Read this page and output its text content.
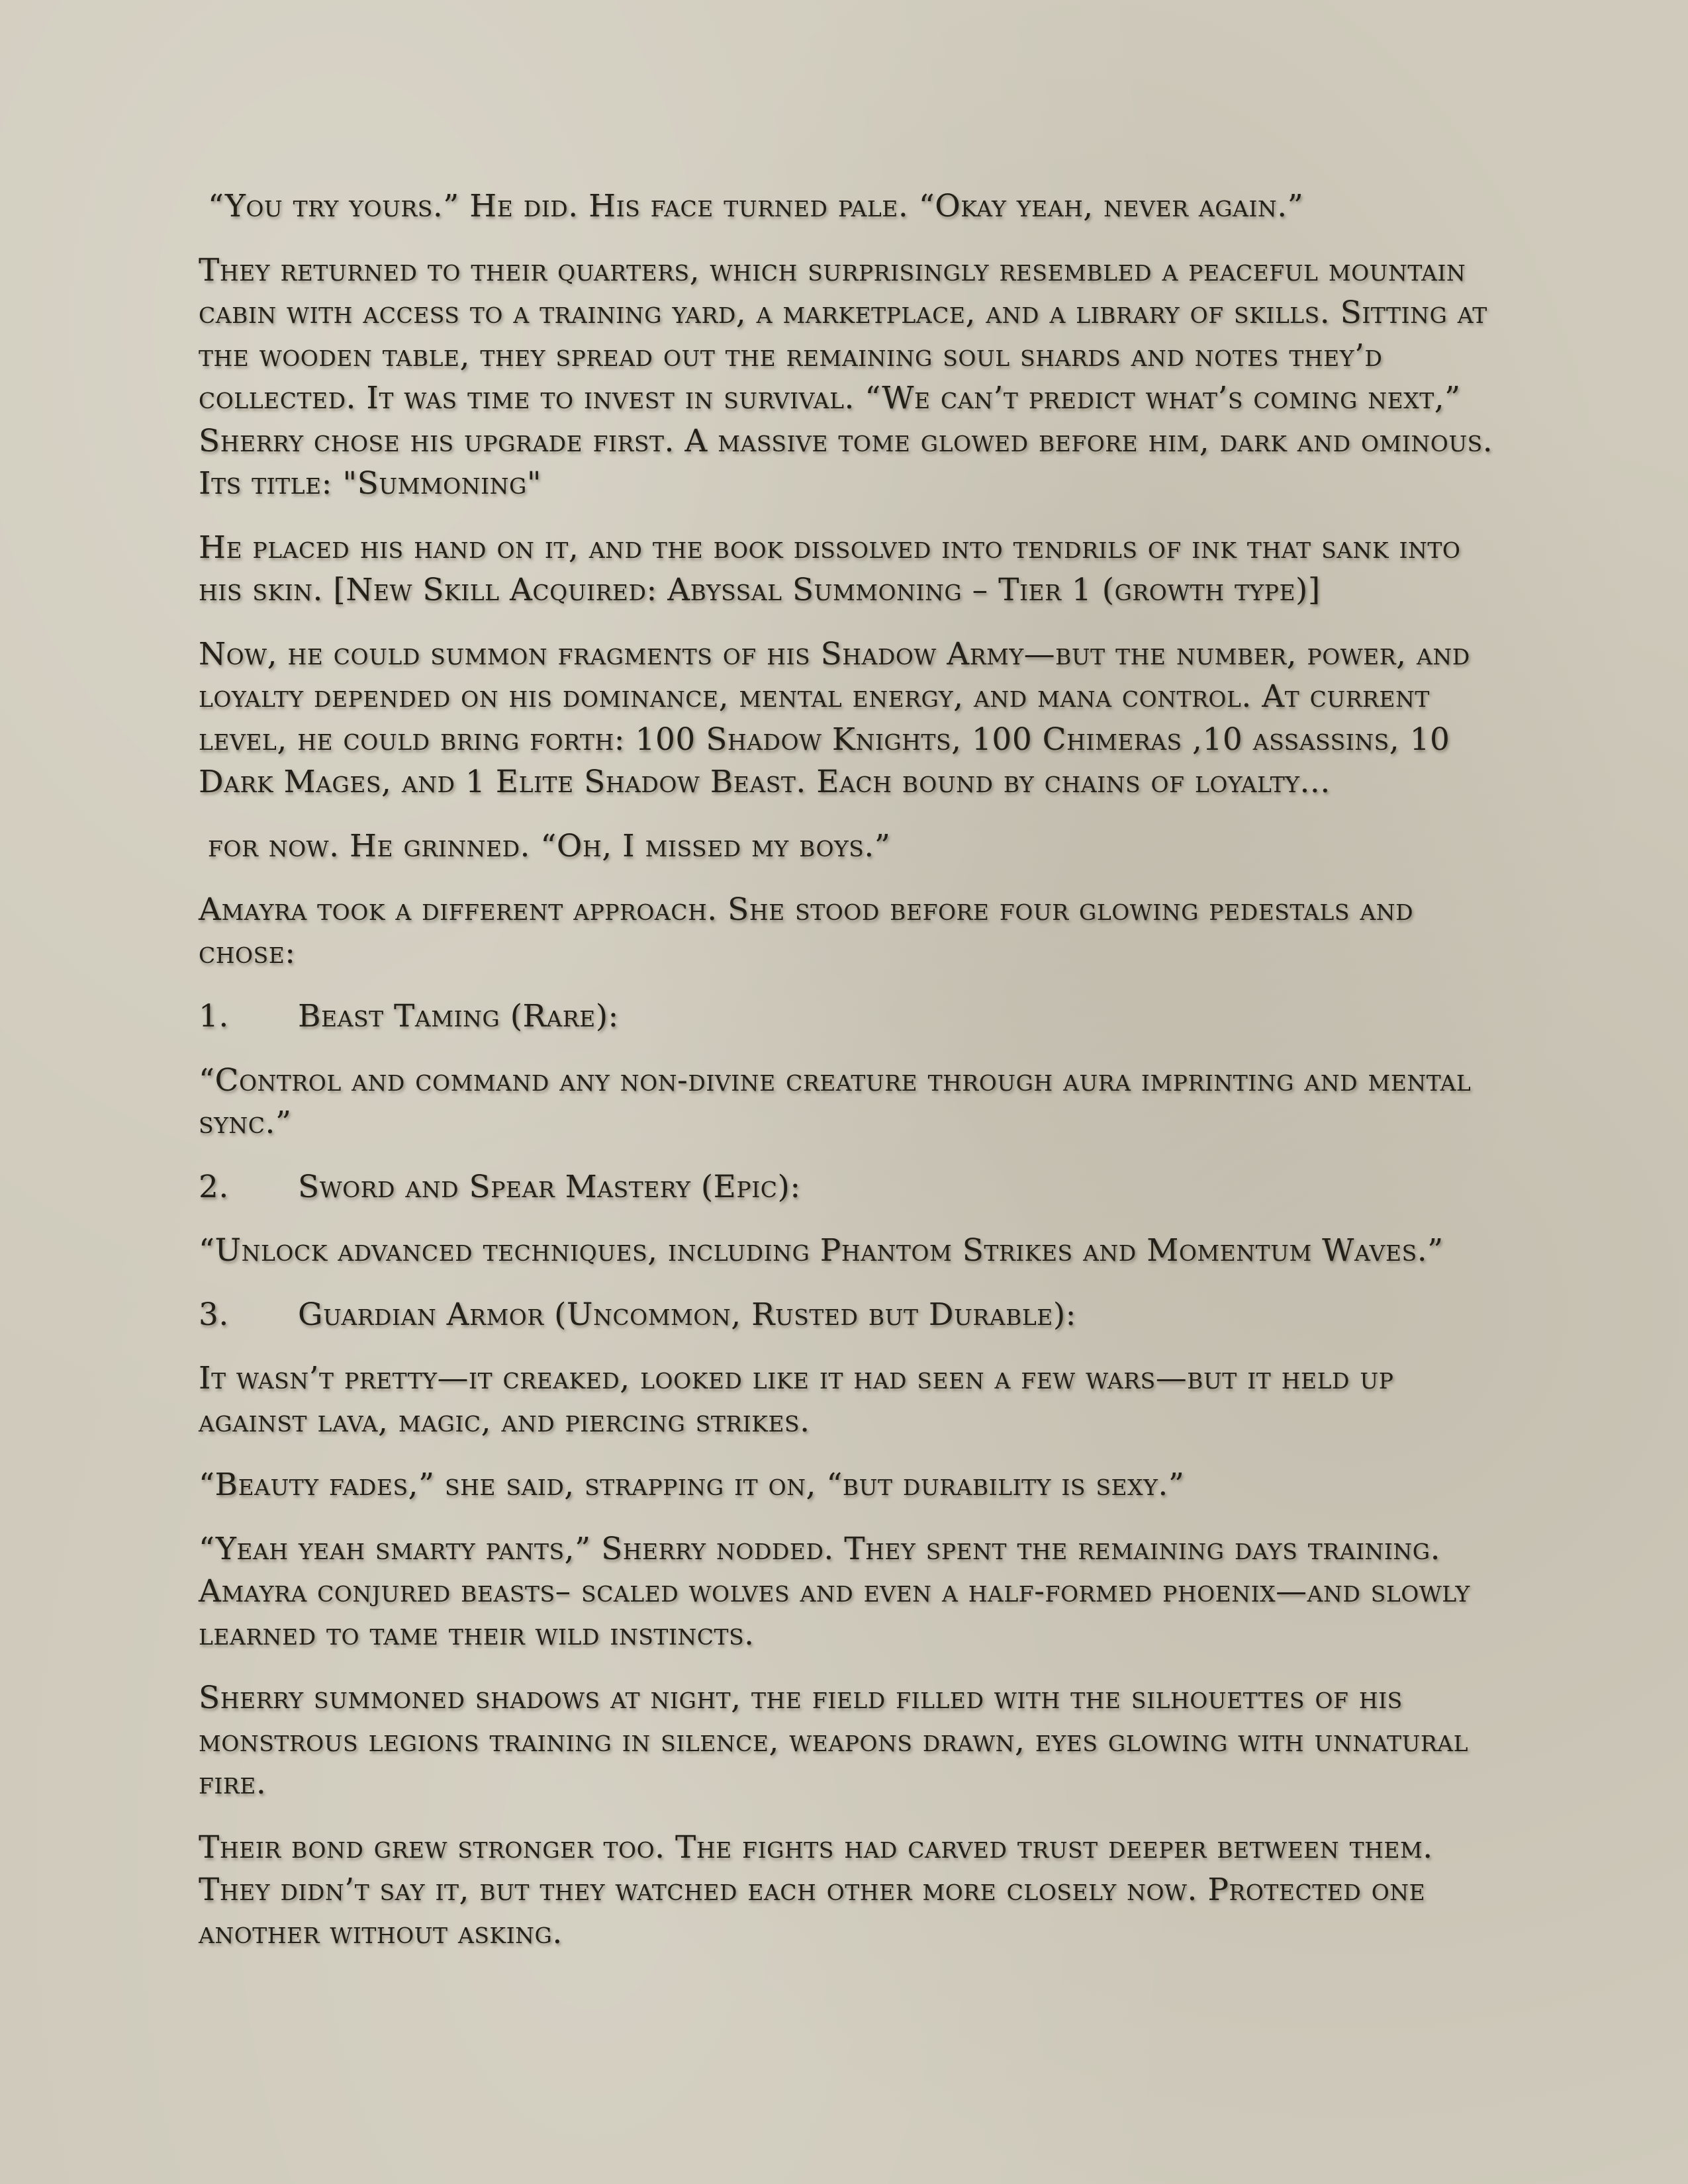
“You try yours.” He did. His face turned pale. “Okay yeah, never again.”

They returned to their quarters, which surprisingly resembled a peaceful mountain cabin with access to a training yard, a marketplace, and a library of skills. Sitting at the wooden table, they spread out the remaining soul shards and notes they’d collected. It was time to invest in survival. “We can’t predict what’s coming next,” Sherry chose his upgrade first. A massive tome glowed before him, dark and ominous. Its title: "Summoning"

He placed his hand on it, and the book dissolved into tendrils of ink that sank into his skin. [New Skill Acquired: Abyssal Summoning – Tier 1 (growth type)]

Now, he could summon fragments of his Shadow Army—but the number, power, and loyalty depended on his dominance, mental energy, and mana control. At current level, he could bring forth: 100 Shadow Knights, 100 Chimeras ,10 assassins, 10 Dark Mages, and 1 Elite Shadow Beast. Each bound by chains of loyalty...

for now. He grinned. “Oh, I missed my boys.”

Amayra took a different approach. She stood before four glowing pedestals and chose:

1.	Beast Taming (Rare):

“Control and command any non-divine creature through aura imprinting and mental sync.”

2.	Sword and Spear Mastery (Epic):

“Unlock advanced techniques, including Phantom Strikes and Momentum Waves.”

3.	Guardian Armor (Uncommon, Rusted but Durable):

It wasn’t pretty—it creaked, looked like it had seen a few wars—but it held up against lava, magic, and piercing strikes.

“Beauty fades,” she said, strapping it on, “but durability is sexy.”

“Yeah yeah smarty pants,” Sherry nodded. They spent the remaining days training. Amayra conjured beasts– scaled wolves and even a half-formed phoenix—and slowly learned to tame their wild instincts.

Sherry summoned shadows at night, the field filled with the silhouettes of his monstrous legions training in silence, weapons drawn, eyes glowing with unnatural fire.

Their bond grew stronger too. The fights had carved trust deeper between them. They didn’t say it, but they watched each other more closely now. Protected one another without asking.
